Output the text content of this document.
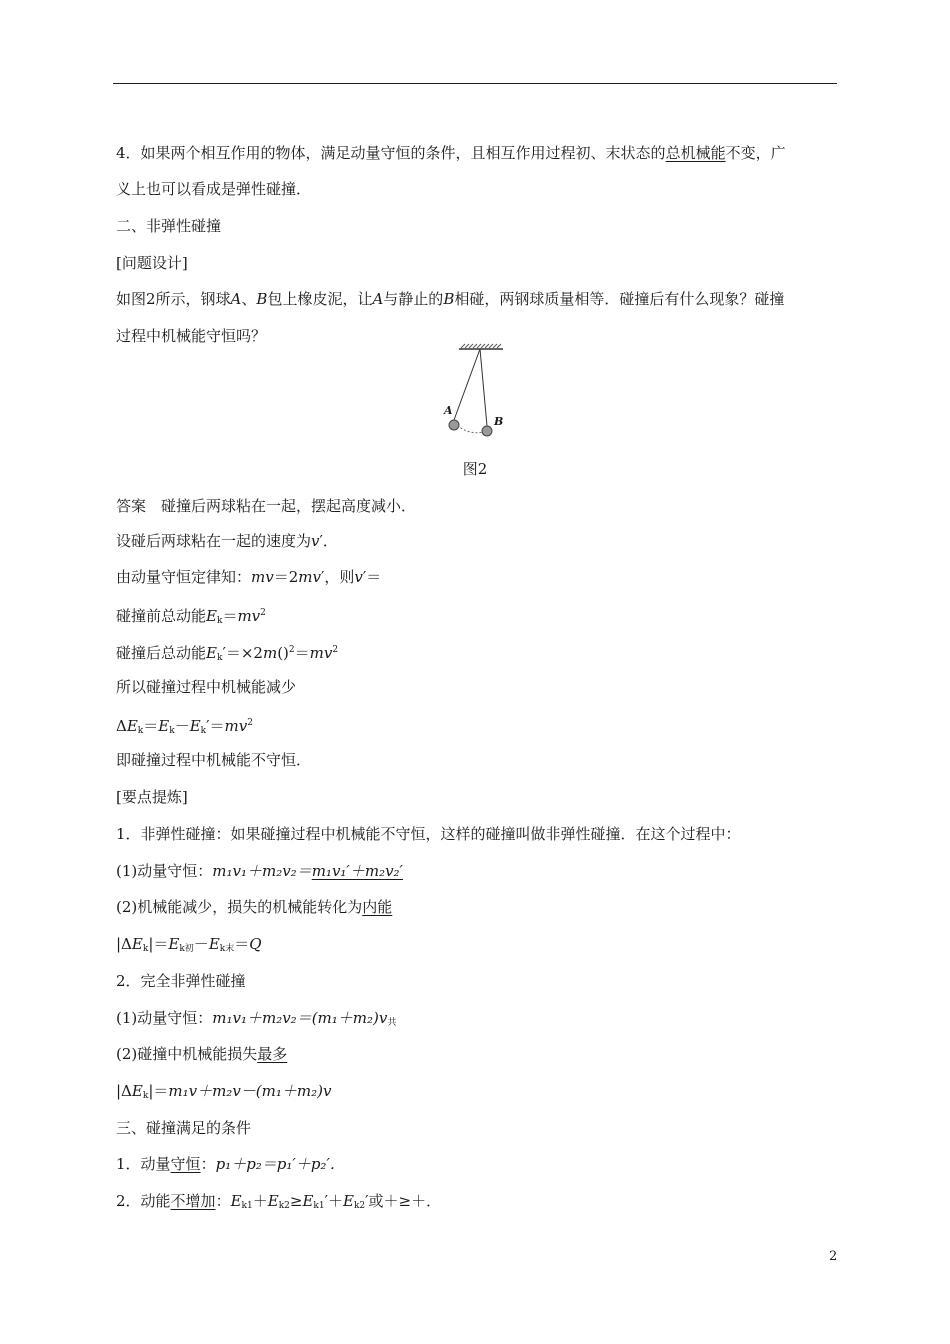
4．如果两个相互作用的物体，满足动量守恒的条件，且相互作用过程初、末状态的总机械能不变，广
义上也可以看成是弹性碰撞．
二、非弹性碰撞
[问题设计]
如图2所示，钢球A、B包上橡皮泥，让A与静止的B相碰，两钢球质量相等．碰撞后有什么现象？碰撞
过程中机械能守恒吗？
A
B
图2
答案　碰撞后两球粘在一起，摆起高度减小．
设碰后两球粘在一起的速度为v′．
由动量守恒定律知：mv＝2mv′，则v′＝
碰撞前总动能$E_k=mv^2$
碰撞后总动能$E_k'=\times 2m()^2=mv^2$
所以碰撞过程中机械能减少
$\Delta E_k=E_k-E_k'=mv^2$
即碰撞过程中机械能不守恒．
[要点提炼]
1．非弹性碰撞：如果碰撞过程中机械能不守恒，这样的碰撞叫做非弹性碰撞．在这个过程中：
(1)动量守恒：m₁v₁＋m₂v₂＝m₁v₁′＋m₂v₂′
(2)机械能减少，损失的机械能转化为内能
$|\Delta E_k|=E_{k初}-E_{k末}=Q$
2．完全非弹性碰撞
(1)动量守恒：$m_1v_1+m_2v_2=(m_1+m_2)v_共$
(2)碰撞中机械能损失最多
$|\Delta E_k|=m_1v+m_2v-(m_1+m_2)v$
三、碰撞满足的条件
1．动量守恒：p₁＋p₂＝p₁′＋p₂′．
2．动能不增加：$E_{k1}+E_{k2}\ge E_{k1}'+E_{k2}'$或＋≥＋．
2
